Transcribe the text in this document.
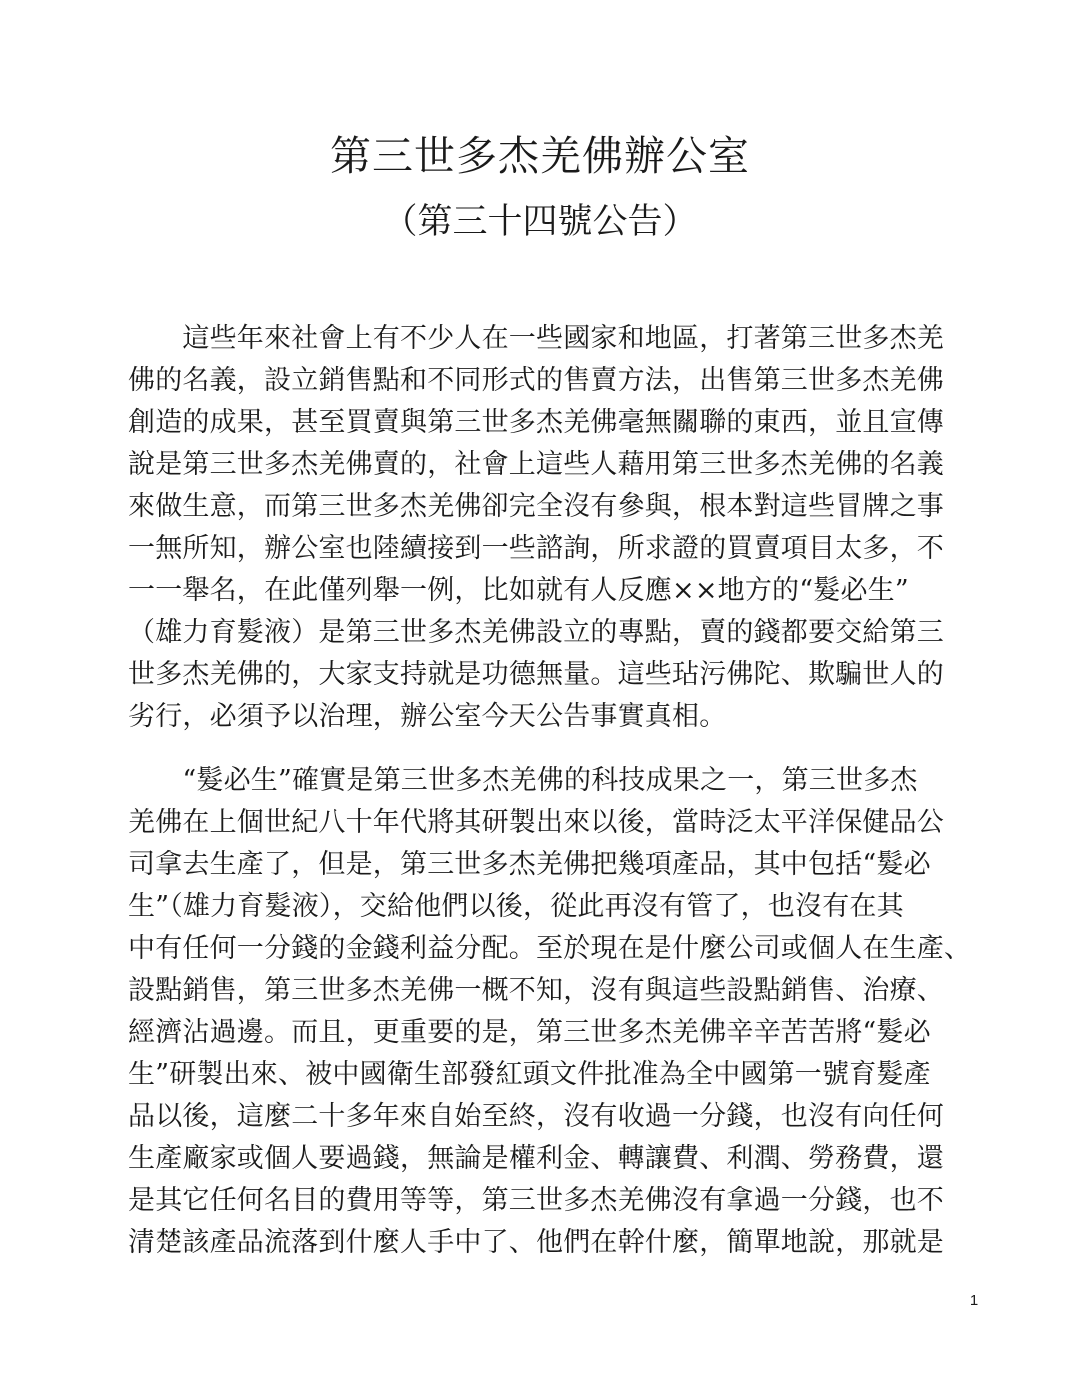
第三世多杰羌佛辦公室
（第三十四號公告）
　　這些年來社會上有不少人在一些國家和地區，打著第三世多杰羌
佛的名義，設立銷售點和不同形式的售賣方法，出售第三世多杰羌佛
創造的成果，甚至買賣與第三世多杰羌佛毫無關聯的東西，並且宣傳
說是第三世多杰羌佛賣的，社會上這些人藉用第三世多杰羌佛的名義
來做生意，而第三世多杰羌佛卻完全沒有參與，根本對這些冒牌之事
一無所知，辦公室也陸續接到一些諮詢，所求證的買賣項目太多，不
一一舉名，在此僅列舉一例，比如就有人反應××地方的“髮必生”
（雄力育髮液）是第三世多杰羌佛設立的專點，賣的錢都要交給第三
世多杰羌佛的，大家支持就是功德無量。這些玷污佛陀、欺騙世人的
劣行，必須予以治理，辦公室今天公告事實真相。
　　“髮必生”確實是第三世多杰羌佛的科技成果之一，第三世多杰
羌佛在上個世紀八十年代將其研製出來以後，當時泛太平洋保健品公
司拿去生產了，但是，第三世多杰羌佛把幾項產品，其中包括“髮必
生”（雄力育髮液），交給他們以後，從此再沒有管了，也沒有在其
中有任何一分錢的金錢利益分配。至於現在是什麼公司或個人在生產、
設點銷售，第三世多杰羌佛一概不知，沒有與這些設點銷售、治療、
經濟沾過邊。而且，更重要的是，第三世多杰羌佛辛辛苦苦將“髮必
生”研製出來、被中國衛生部發紅頭文件批准為全中國第一號育髮產
品以後，這麼二十多年來自始至終，沒有收過一分錢，也沒有向任何
生產廠家或個人要過錢，無論是權利金、轉讓費、利潤、勞務費，還
是其它任何名目的費用等等，第三世多杰羌佛沒有拿過一分錢，也不
清楚該產品流落到什麼人手中了、他們在幹什麼，簡單地說，那就是
1
